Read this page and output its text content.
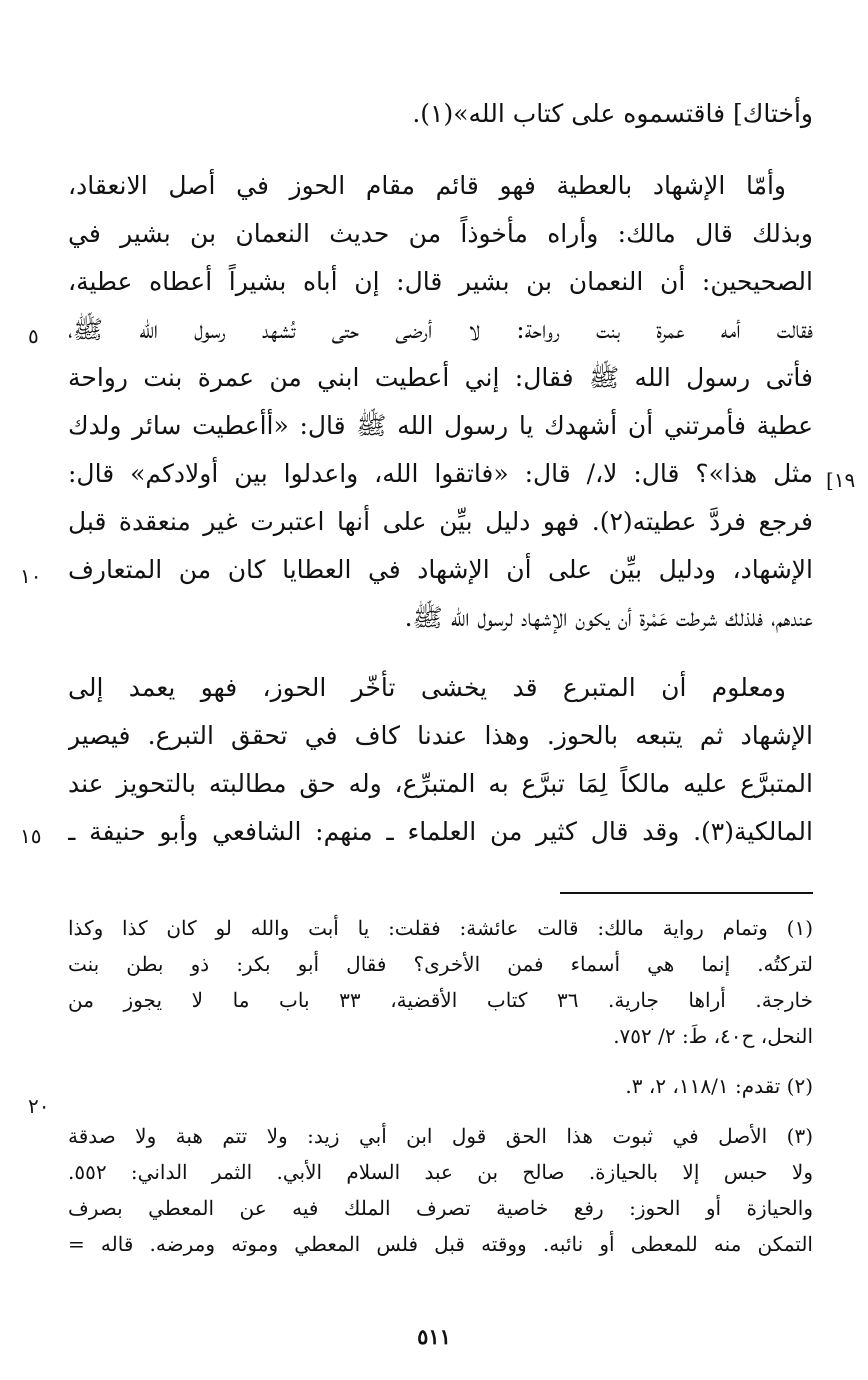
وأختاك] فاقتسموه على كتاب الله»(١).
وأمّا الإشهاد بالعطية فهو قائم مقام الحوز في أصل الانعقاد،
وبذلك قال مالك: وأراه مأخوذاً من حديث النعمان بن بشير في
الصحيحين: أن النعمان بن بشير قال: إن أباه بشيراً أعطاه عطية،
فقالت أمه عمرة بنت رواحة: لا أرضى حتى تُشهد رسول الله ﷺ،
فأتى رسول الله ﷺ فقال: إني أعطيت ابني من عمرة بنت رواحة
عطية فأمرتني أن أشهدك يا رسول الله ﷺ قال: «أأعطيت سائر ولدك
مثل هذا»؟ قال: لا،/ قال: «فاتقوا الله، واعدلوا بين أولادكم» قال:
فرجع فردَّ عطيته(٢). فهو دليل بيِّن على أنها اعتبرت غير منعقدة قبل
الإشهاد، ودليل بيِّن على أن الإشهاد في العطايا كان من المتعارف
عندهم، فلذلك شرطت عَمْرة أن يكون الإشهاد لرسول الله ﷺ.
ومعلوم أن المتبرع قد يخشى تأخّر الحوز، فهو يعمد إلى
الإشهاد ثم يتبعه بالحوز. وهذا عندنا كاف في تحقق التبرع. فيصير
المتبرَّع عليه مالكاً لِمَا تبرَّع به المتبرِّع، وله حق مطالبته بالتحويز عند
المالكية(٣). وقد قال كثير من العلماء ـ منهم: الشافعي وأبو حنيفة ـ
٥
[١٩
١٠
١٥
٢٠
(١) وتمام رواية مالك: قالت عائشة: فقلت: يا أبت والله لو كان كذا وكذا
لتركتُه. إنما هي أسماء فمن الأخرى؟ فقال أبو بكر: ذو بطن بنت
خارجة. أراها جارية. ٣٦ كتاب الأقضية، ٣٣ باب ما لا يجوز من
النحل، ح٤٠، طَ: ٢/ ٧٥٢.
(٢) تقدم: ١١٨/١، ٢، ٣.
(٣) الأصل في ثبوت هذا الحق قول ابن أبي زيد: ولا تتم هبة ولا صدقة
ولا حبس إلا بالحيازة. صالح بن عبد السلام الأبي. الثمر الداني: ٥٥٢.
والحيازة أو الحوز: رفع خاصية تصرف الملك فيه عن المعطي بصرف
التمكن منه للمعطى أو نائبه. ووقته قبل فلس المعطي وموته ومرضه. قاله =
٥١١
